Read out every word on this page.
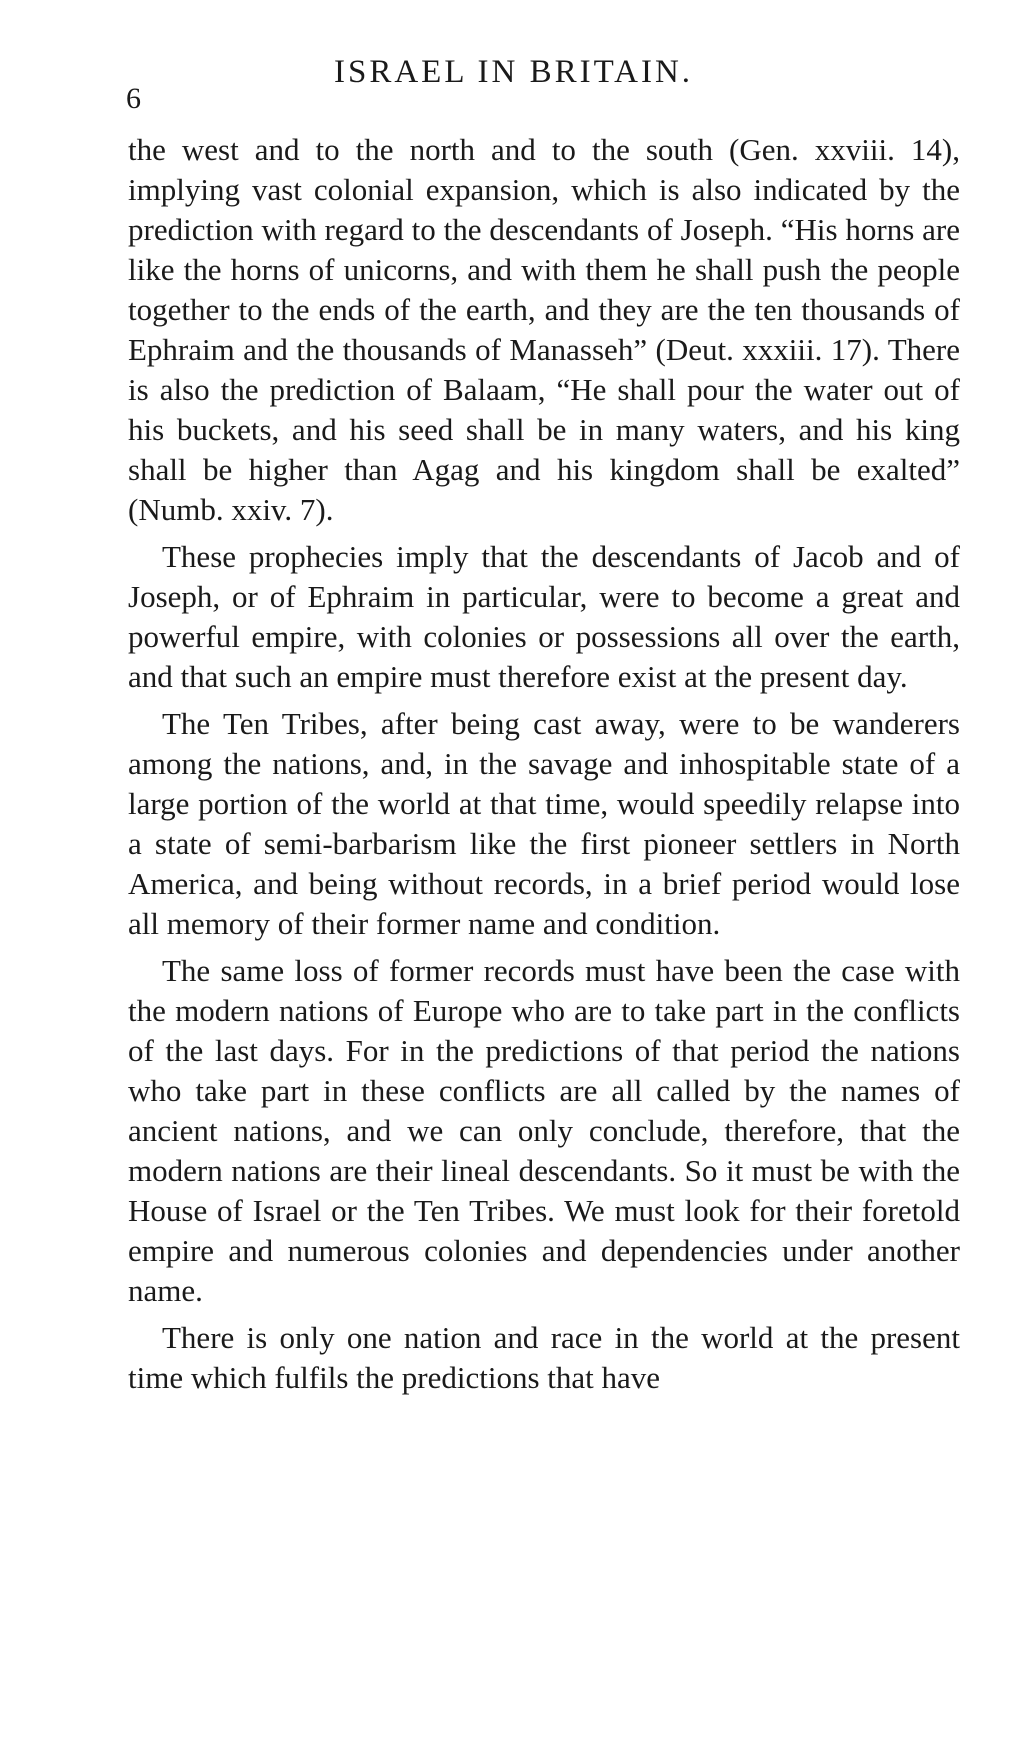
6
ISRAEL IN BRITAIN.

the west and to the north and to the south (Gen. xxviii. 14), implying vast colonial expansion, which is also indicated by the prediction with regard to the descendants of Joseph. “His horns are like the horns of unicorns, and with them he shall push the people together to the ends of the earth, and they are the ten thousands of Ephraim and the thousands of Manasseh” (Deut. xxxiii. 17). There is also the prediction of Balaam, “He shall pour the water out of his buckets, and his seed shall be in many waters, and his king shall be higher than Agag and his kingdom shall be exalted” (Numb. xxiv. 7).

These prophecies imply that the descendants of Jacob and of Joseph, or of Ephraim in particular, were to become a great and powerful empire, with colonies or possessions all over the earth, and that such an empire must therefore exist at the present day.

The Ten Tribes, after being cast away, were to be wanderers among the nations, and, in the savage and inhospitable state of a large portion of the world at that time, would speedily relapse into a state of semi-barbarism like the first pioneer settlers in North America, and being without records, in a brief period would lose all memory of their former name and condition.

The same loss of former records must have been the case with the modern nations of Europe who are to take part in the conflicts of the last days. For in the predictions of that period the nations who take part in these conflicts are all called by the names of ancient nations, and we can only conclude, therefore, that the modern nations are their lineal descendants. So it must be with the House of Israel or the Ten Tribes. We must look for their foretold empire and numerous colonies and dependencies under another name.

There is only one nation and race in the world at the present time which fulfils the predictions that have
